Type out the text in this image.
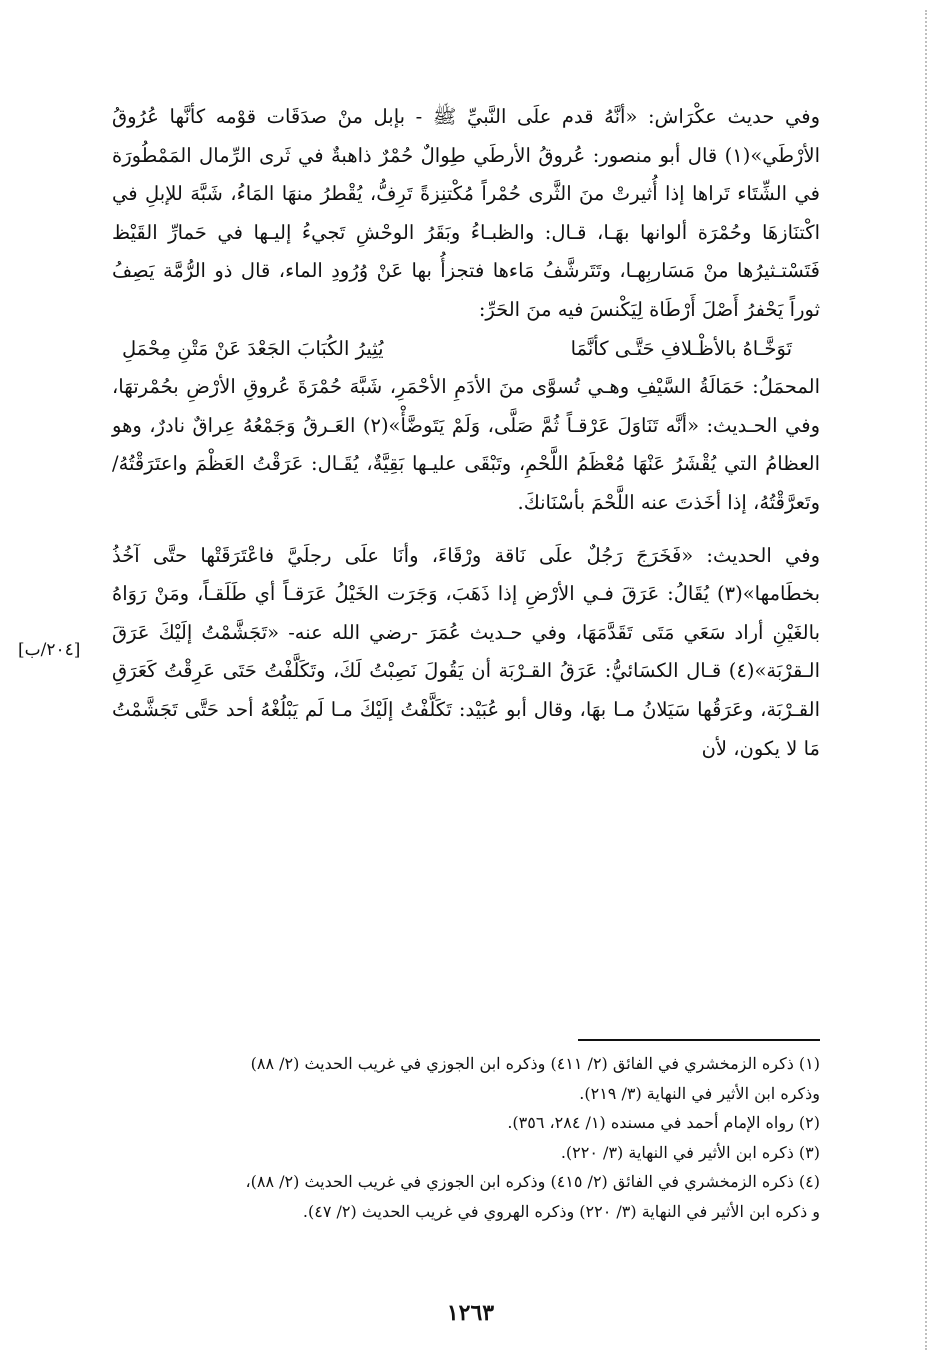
وفي حديث عكْرَاش: «أنَّهُ قدم علَى النَّبيِّ ﷺ - بإبل منْ صدَقَات قوْمه كأنَّها عُرُوقُ الأرْطَي»(١) قال أبو منصور: عُروقُ الأرطَي طِوالٌ حُمْرٌ ذاهبةٌ في ثَرى الرِّمال المَمْطُورَة في الشِّتَاء تَراها إذا أُثيرتْ منَ الثَّرى حُمْراً مُكْتنِزةً تَرِفُّ، يُقْطرُ منهَا المَاءُ، شَبَّهَ للإبلِ في اكْتنَازهَا وحُمْرَة ألوانها بهَـا، قـال: والظبـاءُ وبَقَرُ الوحْشِ تَجيءُ إليـها في حَمارِّ القَيْظ فَتَسْتـثيرُها منْ مَسَاربِهـا، وتَتَرشَّفُ مَاءها فتجزأُ بها عَنْ وُرُودِ الماء، قال ذو الرُّمَّة يَصِفُ ثوراً يَحْفرُ أَصْلَ أَرْطَاة لِيَكْنسَ فيه منَ الحَرِّ:

تَوَخَّـاهُ بالأظْـلافِ حَتَّـى كأنَّمَا
يُثِيرُ الكُبَابَ الجَعْدَ عَنْ مَتْنِ مِحْمَلِ

المحمَلُ: حَمَالَةُ السَّيْفِ وهـي تُسوَّى منَ الأدَمِ الأحْمَرِ، شَبَّهَ حُمْرَةَ عُروقِ الأرْضِ بحُمْرتهَا، وفي الحـديث: «أنَّه تَنَاوَلَ عَرْقـاً ثُمَّ صَلَّى، وَلَمْ يَتَوضَّأْ»(٢) العَـرقُ وَجَمْعُهُ عِراقٌ نادرٌ، وهو العظامُ التي يُقْشَرُ عَنْهَا مُعْظَمُ اللَّحْمِ، وتَبْقَى عليـها بَقِيَّةٌ، يُقَـال: عَرَقْتُ العَظْمَ واعتَرَقْتُهُ/ وتَعرَّقْتُهُ، إذا أخَذتَ عنه اللَّحْمَ بأسْنَانكَ.

وفي الحديث: «فَخَرَجَ رَجُلٌ علَى نَاقة ورْقَاءَ، وأنَا علَى رجلَيَّ فاعْتَرَقَتْها حتَّى آخُذُ بخطَامها»(٣) يُقَالُ: عَرَقَ فـي الأرْضِ إذا ذَهَبَ، وَجَرَت الخَيْلُ عَرَقـاً أي طَلَقـاً، ومَنْ رَوَاهُ بالغَيْنِ أراد سَعَي مَتَى تَقَدَّمَهَا، وفي حـديث عُمَرَ -رضي الله عنه- «تَجَشَّمْتُ إلَيْكَ عَرَقَ الـقرْبَة»(٤) قـال الكسَائيُّ: عَرَقُ القـرْبَة أن يَقُولَ نَصِبْتُ لَكَ، وتَكَلَّفْتُ حَتَى عَرِقْتُ كَعَرَقِ القـرْبَة، وعَرَقُها سَيَلانُ مـا بهَا، وقال أبو عُبَيْد: تَكَلَّفْتُ إلَيْكَ مـا لَم يَبْلُغْهُ أحد حَتَّى تَجَشَّمْتُ مَا لا يكون، لأن

[٢٠٤/ب]

(١) ذكره الزمخشري في الفائق (٢/ ٤١١) وذكره ابن الجوزي في غريب الحديث (٢/ ٨٨)

وذكره ابن الأثير في النهاية (٣/ ٢١٩).

(٢) رواه الإمام أحمد في مسنده (١/ ٢٨٤، ٣٥٦).

(٣) ذكره ابن الأثير في النهاية (٣/ ٢٢٠).

(٤) ذكره الزمخشري في الفائق (٢/ ٤١٥) وذكره ابن الجوزي في غريب الحديث (٢/ ٨٨)،

و ذكره ابن الأثير في النهاية (٣/ ٢٢٠) وذكره الهروي في غريب الحديث (٢/ ٤٧).

١٢٦٣
